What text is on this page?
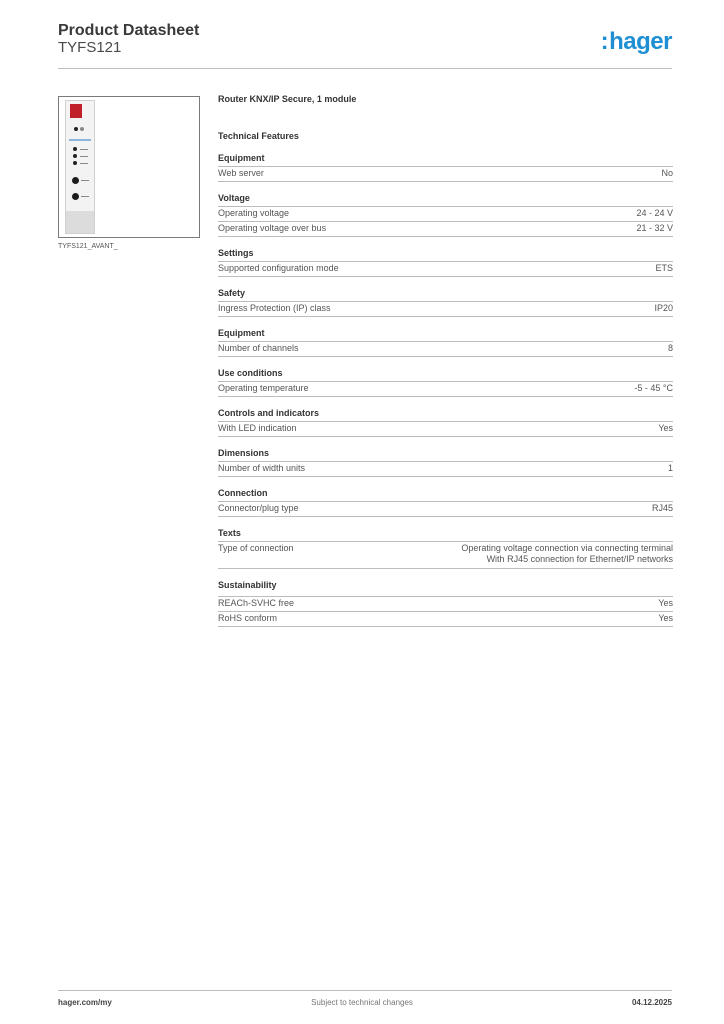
Product Datasheet
TYFS121	:hager
TYFS121_AVANT_
Router KNX/IP Secure, 1 module
Technical Features
Equipment
Web server	No
Voltage
Operating voltage	24 - 24 V
Operating voltage over bus	21 - 32 V
Settings
Supported configuration mode	ETS
Safety
Ingress Protection (IP) class	IP20
Equipment
Number of channels	8
Use conditions
Operating temperature	-5 - 45 °C
Controls and indicators
With LED indication	Yes
Dimensions
Number of width units	1
Connection
Connector/plug type	RJ45
Texts
Type of connection	Operating voltage connection via connecting terminal
With RJ45 connection for Ethernet/IP networks
Sustainability
REACh-SVHC free	Yes
RoHS conform	Yes
hager.com/my	Subject to technical changes	04.12.2025
